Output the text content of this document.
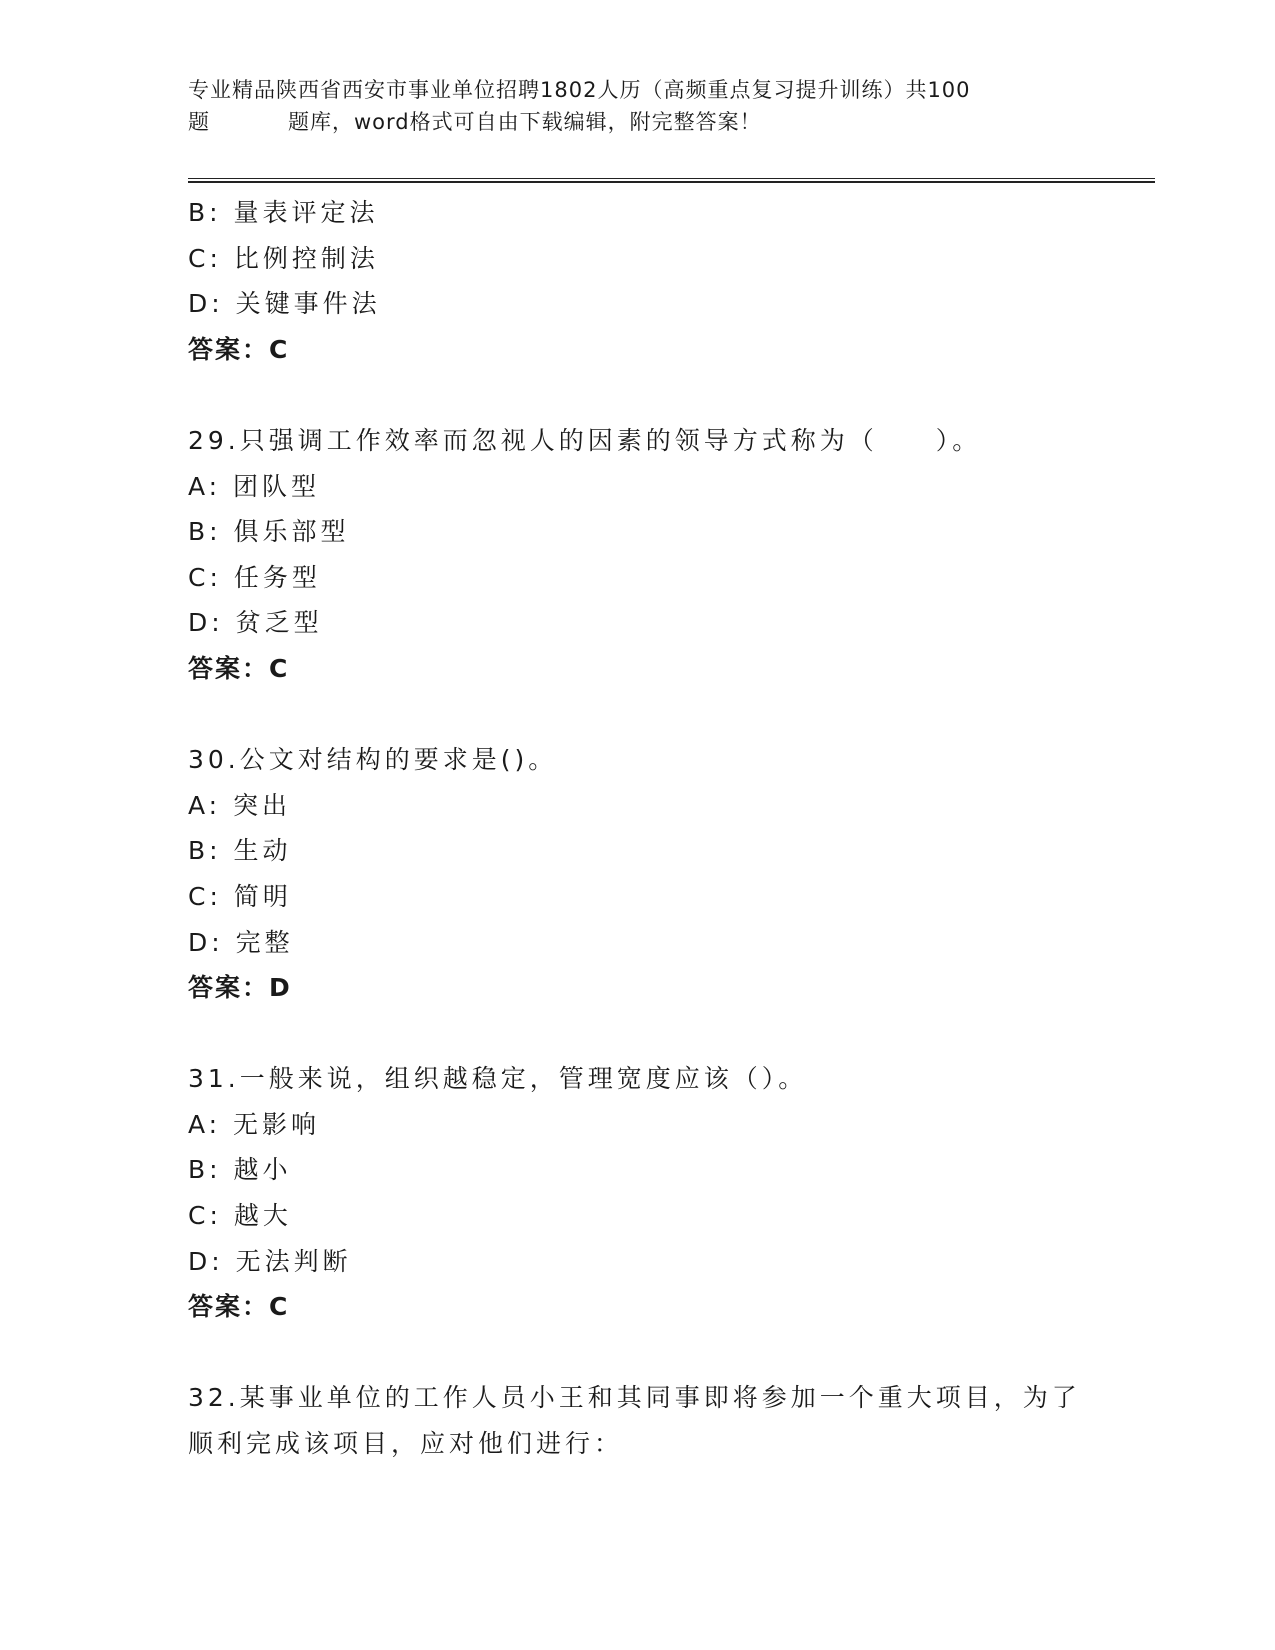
专业精品陕西省西安市事业单位招聘1802人历（高频重点复习提升训练）共100
题	题库，word格式可自由下载编辑，附完整答案！
B: 量表评定法
C: 比例控制法
D: 关键事件法
答案：C
29.只强调工作效率而忽视人的因素的领导方式称为（　　）。
A: 团队型
B: 俱乐部型
C: 任务型
D: 贫乏型
答案：C
30.公文对结构的要求是()。
A: 突出
B: 生动
C: 简明
D: 完整
答案：D
31.一般来说，组织越稳定，管理宽度应该（）。
A: 无影响
B: 越小
C: 越大
D: 无法判断
答案：C
32.某事业单位的工作人员小王和其同事即将参加一个重大项目，为了
顺利完成该项目，应对他们进行：
